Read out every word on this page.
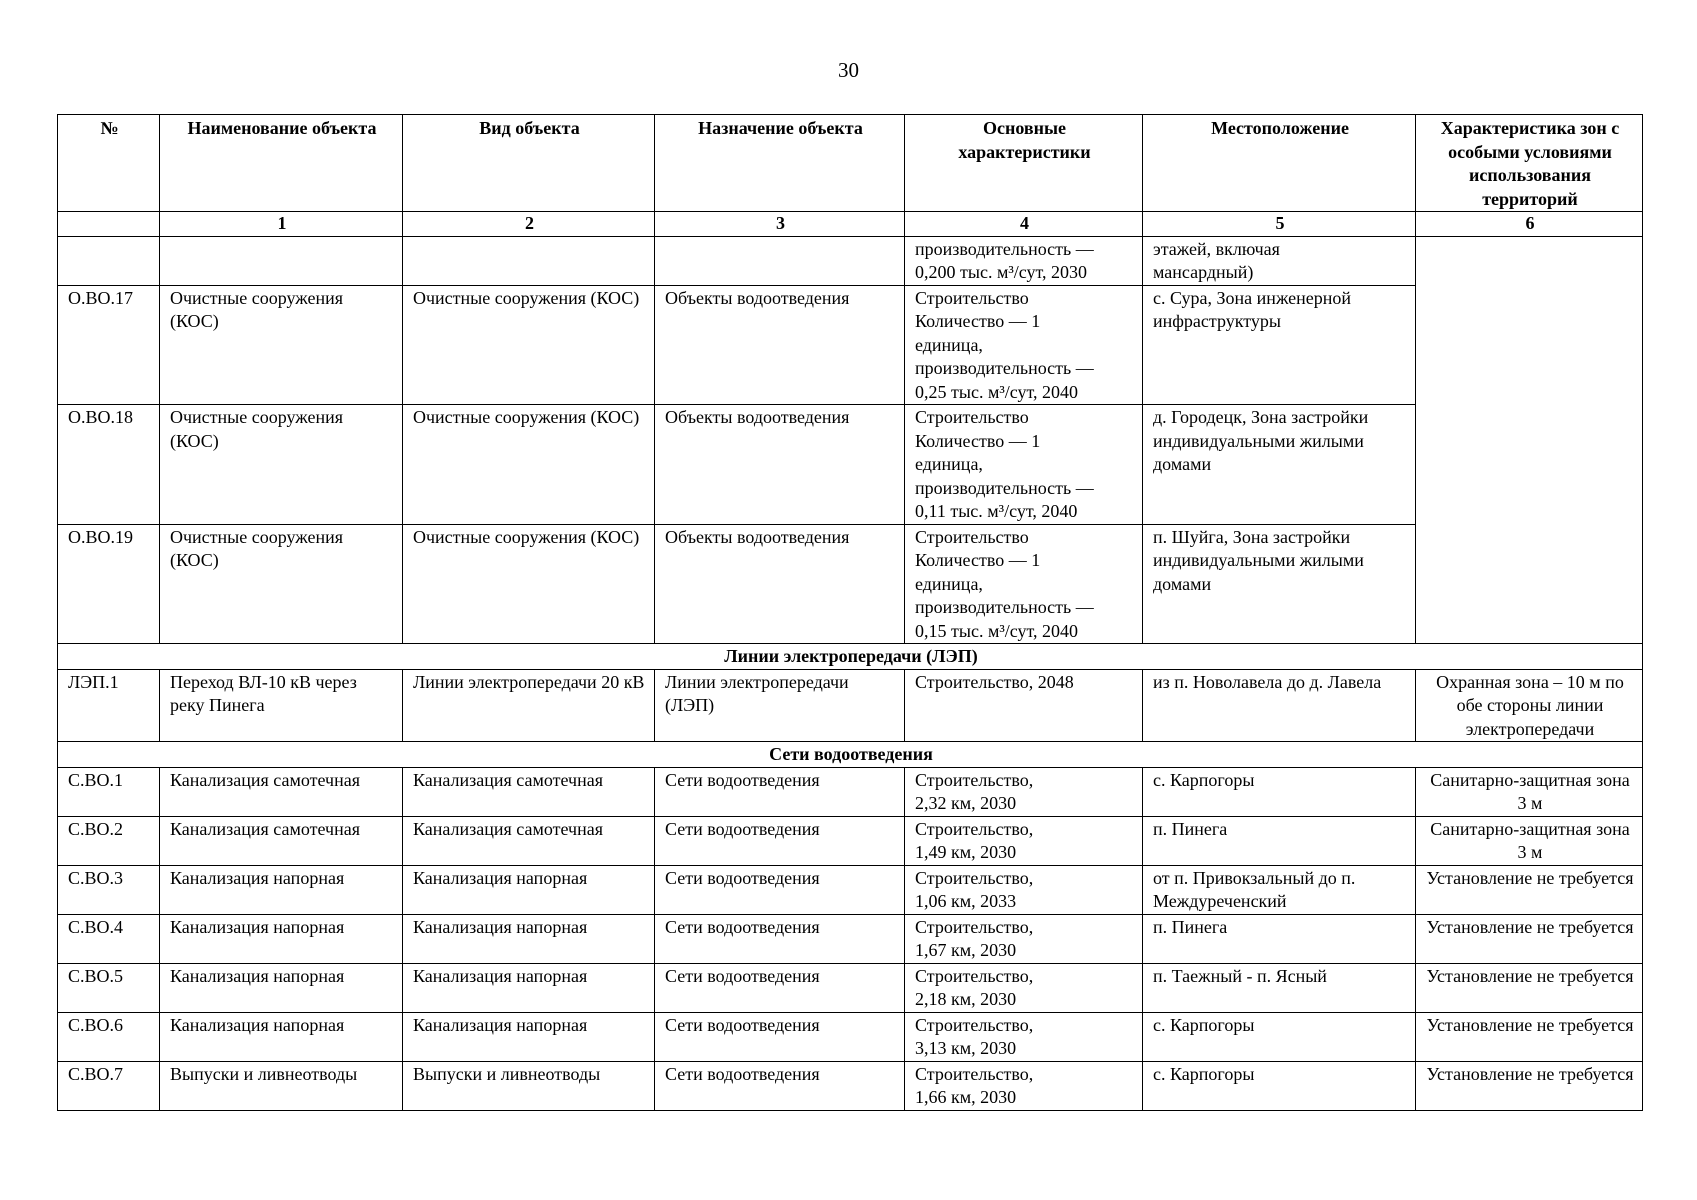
30
№	Наименование объекта	Вид объекта	Назначение объекта	Основные характеристики	Местоположение	Характеристика зон с особыми условиями использования территорий
	1	2	3	4	5	6
				производительность —
0,200 тыс. м³/сут, 2030	этажей, включая
мансардный)	
О.ВО.17	Очистные сооружения (КОС)	Очистные сооружения (КОС)	Объекты водоотведения	Строительство
Количество — 1
единица,
производительность —
0,25 тыс. м³/сут, 2040	с. Сура, Зона инженерной инфраструктуры	
О.ВО.18	Очистные сооружения (КОС)	Очистные сооружения (КОС)	Объекты водоотведения	Строительство
Количество — 1
единица,
производительность —
0,11 тыс. м³/сут, 2040	д. Городецк, Зона застройки индивидуальными жилыми домами	
О.ВО.19	Очистные сооружения (КОС)	Очистные сооружения (КОС)	Объекты водоотведения	Строительство
Количество — 1
единица,
производительность —
0,15 тыс. м³/сут, 2040	п. Шуйга, Зона застройки индивидуальными жилыми домами	
Линии электропередачи (ЛЭП)						
ЛЭП.1	Переход ВЛ-10 кВ через реку Пинега	Линии электропередачи 20 кВ	Линии электропередачи (ЛЭП)	Строительство, 2048	из п. Новолавела до д. Лавела	Охранная зона – 10 м по обе стороны линии электропередачи
Сети водоотведения						
С.ВО.1	Канализация самотечная	Канализация самотечная	Сети водоотведения	Строительство,
2,32 км, 2030	с. Карпогоры	Санитарно-защитная зона 3 м
С.ВО.2	Канализация самотечная	Канализация самотечная	Сети водоотведения	Строительство,
1,49 км, 2030	п. Пинега	Санитарно-защитная зона 3 м
С.ВО.3	Канализация напорная	Канализация напорная	Сети водоотведения	Строительство,
1,06 км, 2033	от п. Привокзальный до п. Междуреченский	Установление не требуется
С.ВО.4	Канализация напорная	Канализация напорная	Сети водоотведения	Строительство,
1,67 км, 2030	п. Пинега	Установление не требуется
С.ВО.5	Канализация напорная	Канализация напорная	Сети водоотведения	Строительство,
2,18 км, 2030	п. Таежный - п. Ясный	Установление не требуется
С.ВО.6	Канализация напорная	Канализация напорная	Сети водоотведения	Строительство,
3,13 км, 2030	с. Карпогоры	Установление не требуется
С.ВО.7	Выпуски и ливнеотводы	Выпуски и ливнеотводы	Сети водоотведения	Строительство,
1,66 км, 2030	с. Карпогоры	Установление не требуется
